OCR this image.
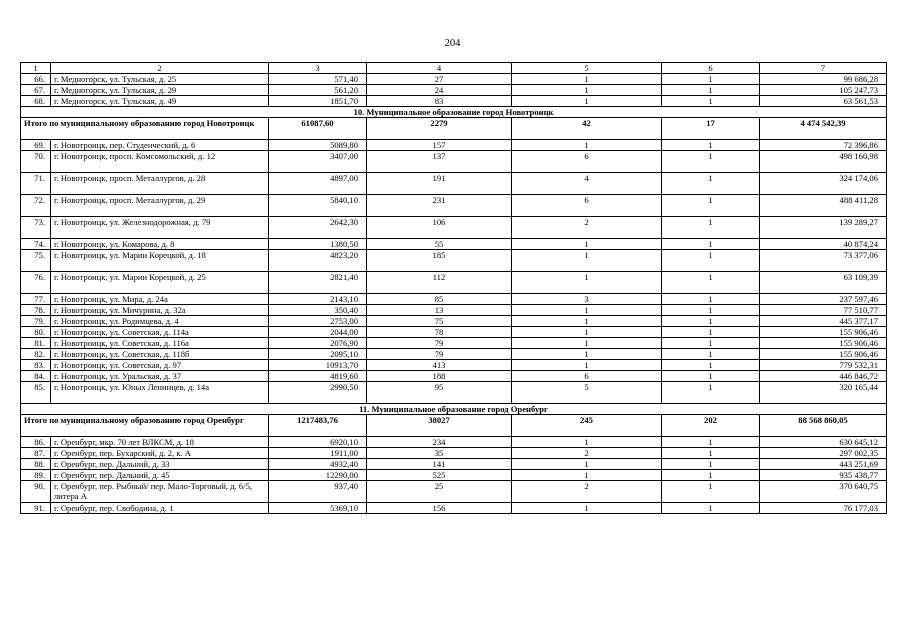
204
1	2	3	4	5	6	7
66.	г. Медногорск, ул. Тульская, д. 25	571,40	27	1	1	99 686,28
67.	г. Медногорск, ул. Тульская, д. 29	561,20	24	1	1	105 247,73
68.	г. Медногорск, ул. Тульская, д. 49	1851,70	83	1	1	63 561,53
10. Муниципальное образование город Новотроицк						
Итого по муниципальному образованию город Новотроицк		61087,60	2279	42	17	4 474 542,39
69.	г. Новотроицк, пер. Студенческий, д. 6	5089,80	157	1	1	72 396,86
70.	г. Новотроицк, просп. Комсомольский, д. 12	3407,00	137	6	1	498 160,98
71.	г. Новотроицк, просп. Металлургов, д. 28	4897,00	191	4	1	324 174,06
72.	г. Новотроицк, просп. Металлургов, д. 29	5840,10	231	6	1	488 411,28
73.	г. Новотроицк, ул. Железнодорожная, д. 79	2642,30	106	2	1	139 289,27
74.	г. Новотроицк, ул. Комарова, д. 8	1380,50	55	1	1	40 874,24
75.	г. Новотроицк, ул. Марии Корецкой, д. 18	4823,20	185	1	1	73 377,06
76.	г. Новотроицк, ул. Марии Корецкой, д. 25	2821,40	112	1	1	63 109,39
77.	г. Новотроицк, ул. Мира, д. 24а	2143,10	85	3	1	237 597,46
78.	г. Новотроицк, ул. Мичурина, д. 32а	350,40	13	1	1	77 510,77
79.	г. Новотроицк, ул. Родимцева, д. 4	2753,00	75	1	1	445 377,17
80.	г. Новотроицк, ул. Советская, д. 114а	2044,00	78	1	1	155 906,46
81.	г. Новотроицк, ул. Советская, д. 116а	2076,90	79	1	1	155 906,46
82.	г. Новотроицк, ул. Советская, д. 118б	2095,10	79	1	1	155 906,46
83.	г. Новотроицк, ул. Советская, д. 97	10913,70	413	1	1	779 532,31
84.	г. Новотроицк, ул. Уральская, д. 37	4819,60	188	6	1	446 846,72
85.	г. Новотроицк, ул. Юных Ленинцев, д. 14а	2990,50	95	5	1	320 165,44
11. Муниципальное образование город Оренбург						
Итого по муниципальному образованию город Оренбург		1217483,76	38027	245	202	88 568 860,05
86.	г. Оренбург, мкр. 70 лет ВЛКСМ, д. 18	6920,10	234	1	1	630 645,12
87.	г. Оренбург, пер. Бухарский, д. 2, к. А	1911,00	35	2	1	297 002,35
88.	г. Оренбург, пер. Дальний, д. 33	4932,40	141	1	1	443 251,69
89.	г. Оренбург, пер. Дальний, д. 45	12290,00	525	1	1	935 438,77
90.	г. Оренбург, пер. Рыбный/ пер. Мало-Торговый, д. 6/5, литера А	937,40	25	2	1	370 640,75
91.	г. Оренбург, пер. Свободина, д. 1	5369,10	156	1	1	76 177,03
